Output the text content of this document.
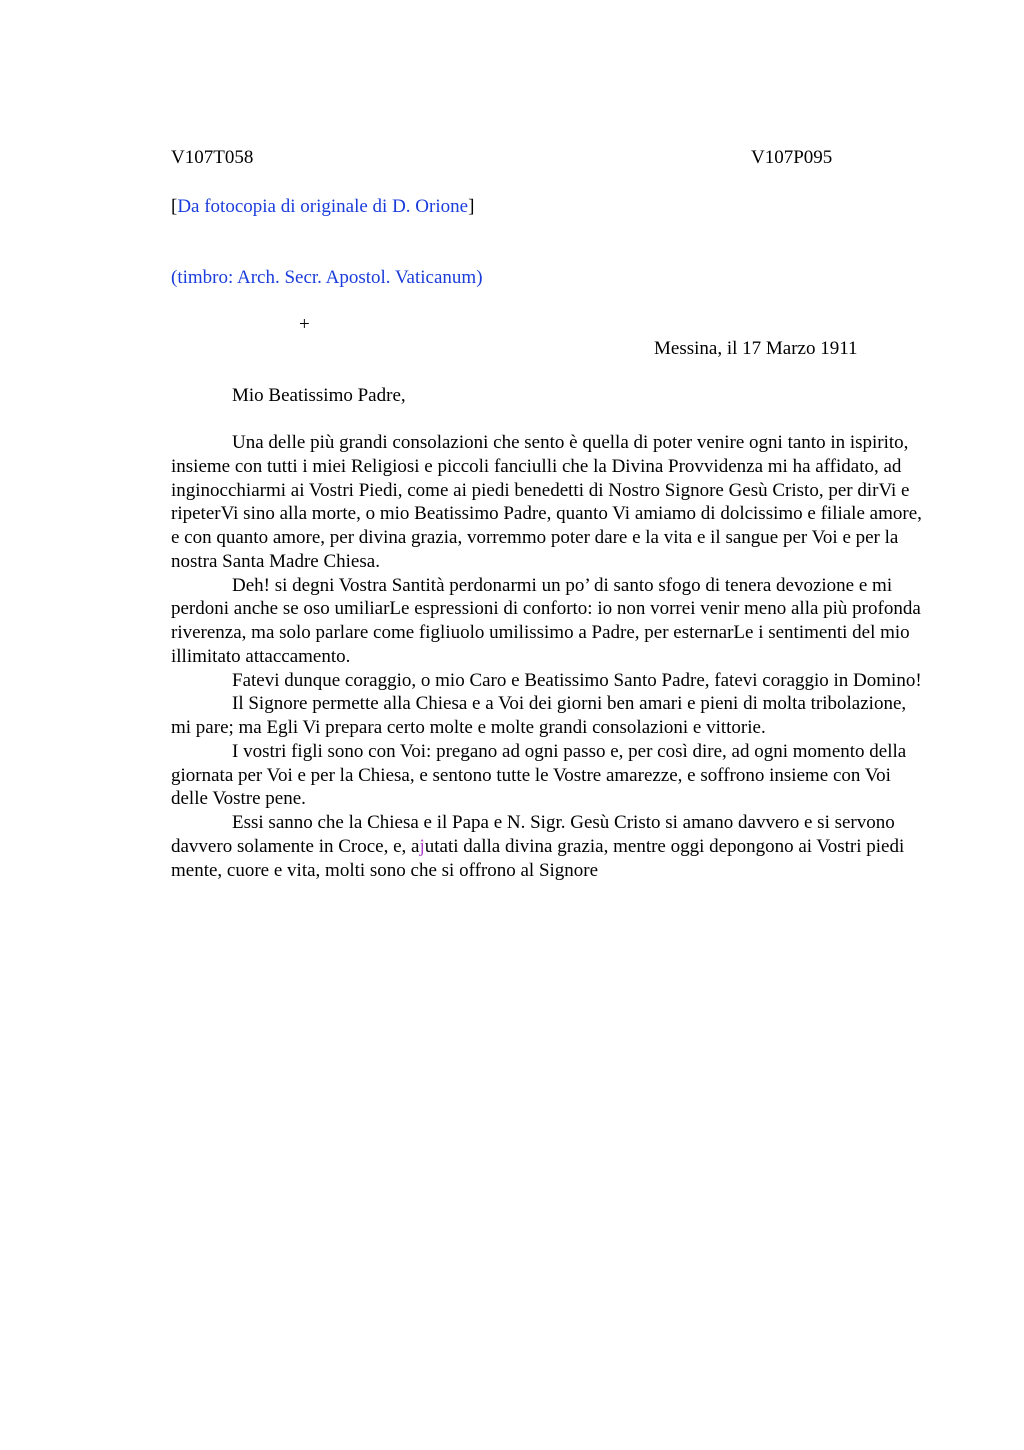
V107T058	V107P095
[Da fotocopia di originale di D. Orione]
(timbro: Arch. Secr. Apostol. Vaticanum)
+
Messina, il 17 Marzo 1911
Mio Beatissimo Padre,

Una delle più grandi consolazioni che sento è quella di poter venire ogni tanto in ispirito, insieme con tutti i miei Religiosi e piccoli fanciulli che la Divina Provvidenza mi ha affidato, ad inginocchiarmi ai Vostri Piedi, come ai piedi benedetti di Nostro Signore Gesù Cristo, per dirVi e ripeterVi sino alla morte, o mio Beatissimo Padre, quanto Vi amiamo di dolcissimo e filiale amore, e con quanto amore, per divina grazia, vorremmo poter dare e la vita e il sangue per Voi e per la nostra Santa Madre Chiesa.

Deh! si degni Vostra Santità perdonarmi un po’ di santo sfogo di tenera devozione e mi perdoni anche se oso umiliarLe espressioni di conforto: io non vorrei venir meno alla più profonda riverenza, ma solo parlare come figliuolo umilissimo a Padre, per esternarLe i sentimenti del mio illimitato attaccamento.

Fatevi dunque coraggio, o mio Caro e Beatissimo Santo Padre, fatevi coraggio in Domino!

Il Signore permette alla Chiesa e a Voi dei giorni ben amari e pieni di molta tribolazione, mi pare; ma Egli Vi prepara certo molte e molte grandi consolazioni e vittorie.

I vostri figli sono con Voi: pregano ad ogni passo e, per così dire, ad ogni momento della giornata per Voi e per la Chiesa, e sentono tutte le Vostre amarezze, e soffrono insieme con Voi delle Vostre pene.

Essi sanno che la Chiesa e il Papa e N. Sigr. Gesù Cristo si amano davvero e si servono davvero solamente in Croce, e, ajutati dalla divina grazia, mentre oggi depongono ai Vostri piedi mente, cuore e vita, molti sono che si offrono al Signore
